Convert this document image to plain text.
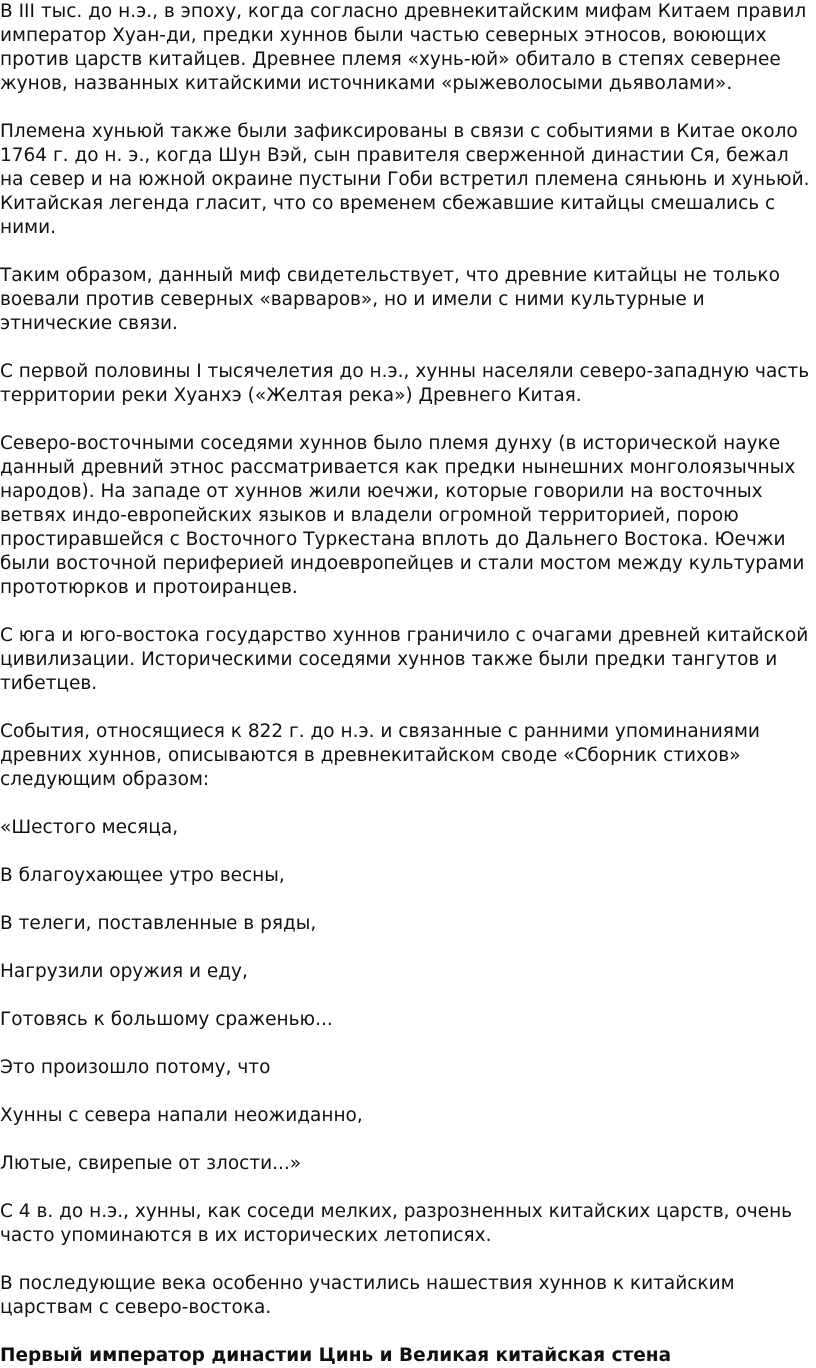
В III тыс. до н.э., в эпоху, когда согласно древнекитайским мифам Китаем правил император Хуан-ди, предки хуннов были частью северных этносов, воюющих против царств китайцев. Древнее племя «хунь-юй» обитало в степях севернее жунов, названных китайскими источниками «рыжеволосыми дьяволами».

Племена хуньюй также были зафиксированы в связи с событиями в Китае около 1764 г. до н. э., когда Шун Вэй, сын правителя сверженной династии Ся, бежал на север и на южной окраине пустыни Гоби встретил племена сяньюнь и хуньюй. Китайская легенда гласит, что со временем сбежавшие китайцы смешались с ними.

Таким образом, данный миф свидетельствует, что древние китайцы не только воевали против северных «варваров», но и имели с ними культурные и этнические связи.

С первой половины I тысячелетия до н.э., хунны населяли северо-западную часть территории реки Хуанхэ («Желтая река») Древнего Китая.

Северо-восточными соседями хуннов было племя дунху (в исторической науке данный древний этнос рассматривается как предки нынешних монголоязычных народов). На западе от хуннов жили юечжи, которые говорили на восточных ветвях индо-европейских языков и владели огромной территорией, порою простиравшейся с Восточного Туркестана вплоть до Дальнего Востока. Юечжи были восточной периферией индоевропейцев и стали мостом между культурами прототюрков и протоиранцев.

С юга и юго-востока государство хуннов граничило с очагами древней китайской цивилизации. Историческими соседями хуннов также были предки тангутов и тибетцев.

События, относящиеся к 822 г. до н.э. и связанные с ранними упоминаниями древних хуннов, описываются в древнекитайском своде «Сборник стихов» следующим образом:

«Шестого месяца,

В благоухающее утро весны,

В телеги, поставленные в ряды,

Нагрузили оружия и еду,

Готовясь к большому сраженью...

Это произошло потому, что

Хунны с севера напали неожиданно,

Лютые, свирепые от злости...»

С 4 в. до н.э., хунны, как соседи мелких, разрозненных китайских царств, очень часто упоминаются в их исторических летописях.

В последующие века особенно участились нашествия хуннов к китайским царствам с северо-востока.

Первый император династии Цинь и Великая китайская стена
